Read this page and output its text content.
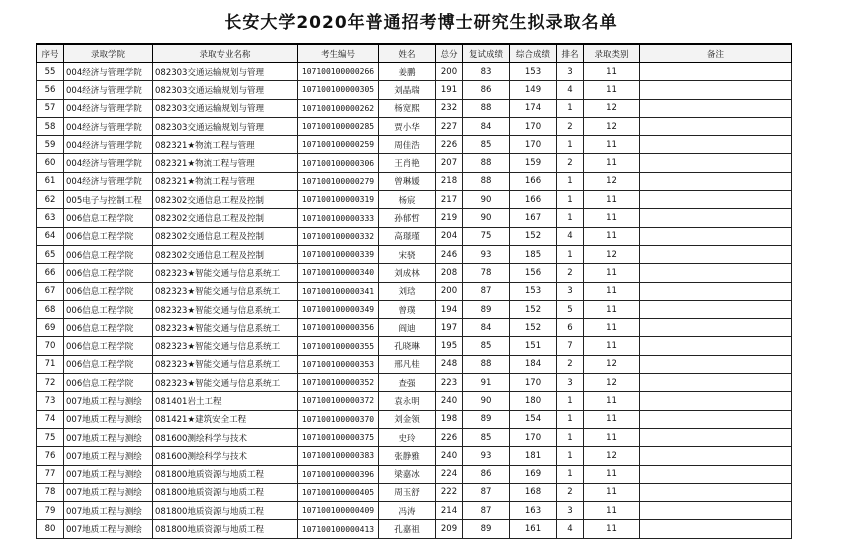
长安大学2020年普通招考博士研究生拟录取名单
序号	录取学院	录取专业名称	考生编号	姓名	总分	复试成绩	综合成绩	排名	录取类别	备注
55	004经济与管理学院	082303交通运输规划与管理	107100100000266	姜鹏	200	83	153	3	11	
56	004经济与管理学院	082303交通运输规划与管理	107100100000305	刘晶瑞	191	86	149	4	11	
57	004经济与管理学院	082303交通运输规划与管理	107100100000262	杨宽熙	232	88	174	1	12	
58	004经济与管理学院	082303交通运输规划与管理	107100100000285	贾小华	227	84	170	2	12	
59	004经济与管理学院	082321★物流工程与管理	107100100000259	周佳浩	226	85	170	1	11	
60	004经济与管理学院	082321★物流工程与管理	107100100000306	王肖艳	207	88	159	2	11	
61	004经济与管理学院	082321★物流工程与管理	107100100000279	曾琳媛	218	88	166	1	12	
62	005电子与控制工程	082302交通信息工程及控制	107100100000319	杨宸	217	90	166	1	11	
63	006信息工程学院	082302交通信息工程及控制	107100100000333	孙郁哲	219	90	167	1	11	
64	006信息工程学院	082302交通信息工程及控制	107100100000332	高璟瑾	204	75	152	4	11	
65	006信息工程学院	082302交通信息工程及控制	107100100000339	宋骁	246	93	185	1	12	
66	006信息工程学院	082323★智能交通与信息系统工	107100100000340	刘成林	208	78	156	2	11	
67	006信息工程学院	082323★智能交通与信息系统工	107100100000341	刘琀	200	87	153	3	11	
68	006信息工程学院	082323★智能交通与信息系统工	107100100000349	曾璞	194	89	152	5	11	
69	006信息工程学院	082323★智能交通与信息系统工	107100100000356	阎迪	197	84	152	6	11	
70	006信息工程学院	082323★智能交通与信息系统工	107100100000355	孔晓琳	195	85	151	7	11	
71	006信息工程学院	082323★智能交通与信息系统工	107100100000353	邢凡桂	248	88	184	2	12	
72	006信息工程学院	082323★智能交通与信息系统工	107100100000352	查强	223	91	170	3	12	
73	007地质工程与测绘	081401岩土工程	107100100000372	袁永明	240	90	180	1	11	
74	007地质工程与测绘	081421★建筑安全工程	107100100000370	刘金领	198	89	154	1	11	
75	007地质工程与测绘	081600测绘科学与技术	107100100000375	史玲	226	85	170	1	11	
76	007地质工程与测绘	081600测绘科学与技术	107100100000383	张静雅	240	93	181	1	12	
77	007地质工程与测绘	081800地质资源与地质工程	107100100000396	梁嘉冰	224	86	169	1	11	
78	007地质工程与测绘	081800地质资源与地质工程	107100100000405	周玉舒	222	87	168	2	11	
79	007地质工程与测绘	081800地质资源与地质工程	107100100000409	冯涛	214	87	163	3	11	
80	007地质工程与测绘	081800地质资源与地质工程	107100100000413	孔嘉祖	209	89	161	4	11	
